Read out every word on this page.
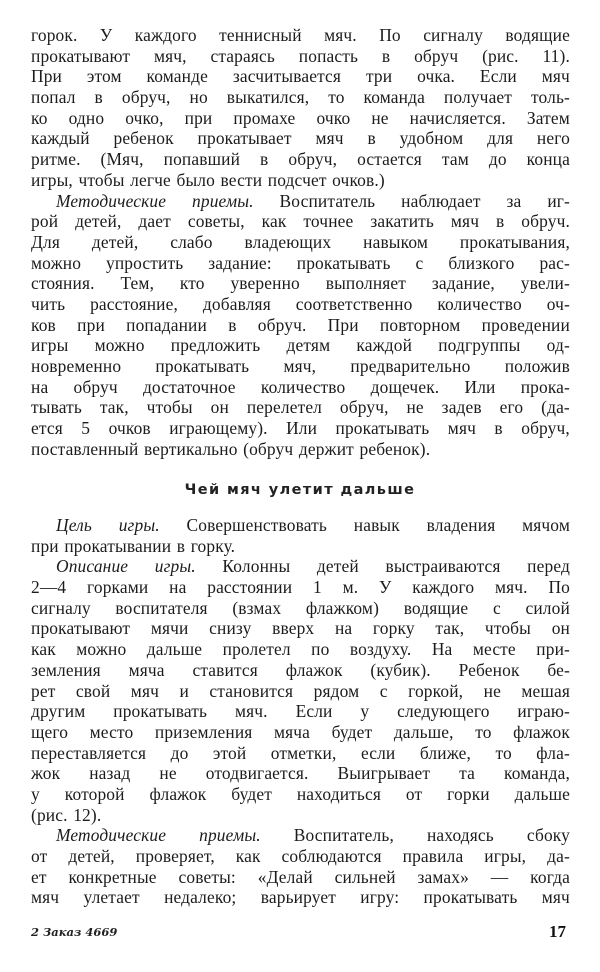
горок. У каждого теннисный мяч. По сигналу водящие
прокатывают мяч, стараясь попасть в обруч (рис. 11).
При этом команде засчитывается три очка. Если мяч
попал в обруч, но выкатился, то команда получает толь-
ко одно очко, при промахе очко не начисляется. Затем
каждый ребенок прокатывает мяч в удобном для него
ритме. (Мяч, попавший в обруч, остается там до конца
игры, чтобы легче было вести подсчет очков.)
Методические приемы. Воспитатель наблюдает за иг-
рой детей, дает советы, как точнее закатить мяч в обруч.
Для детей, слабо владеющих навыком прокатывания,
можно упростить задание: прокатывать с близкого рас-
стояния. Тем, кто уверенно выполняет задание, увели-
чить расстояние, добавляя соответственно количество оч-
ков при попадании в обруч. При повторном проведении
игры можно предложить детям каждой подгруппы од-
новременно прокатывать мяч, предварительно положив
на обруч достаточное количество дощечек. Или прока-
тывать так, чтобы он перелетел обруч, не задев его (да-
ется 5 очков играющему). Или прокатывать мяч в обруч,
поставленный вертикально (обруч держит ребенок).
Чей мяч улетит дальше
Цель игры. Совершенствовать навык владения мячом
при прокатывании в горку.
Описание игры. Колонны детей выстраиваются перед
2—4 горками на расстоянии 1 м. У каждого мяч. По
сигналу воспитателя (взмах флажком) водящие с силой
прокатывают мячи снизу вверх на горку так, чтобы он
как можно дальше пролетел по воздуху. На месте при-
земления мяча ставится флажок (кубик). Ребенок бе-
рет свой мяч и становится рядом с горкой, не мешая
другим прокатывать мяч. Если у следующего играю-
щего место приземления мяча будет дальше, то флажок
переставляется до этой отметки, если ближе, то фла-
жок назад не отодвигается. Выигрывает та команда,
у которой флажок будет находиться от горки дальше
(рис. 12).
Методические приемы. Воспитатель, находясь сбоку
от детей, проверяет, как соблюдаются правила игры, да-
ет конкретные советы: «Делай сильней замах» — когда
мяч улетает недалеко; варьирует игру: прокатывать мяч
2 Заказ 4669	17
